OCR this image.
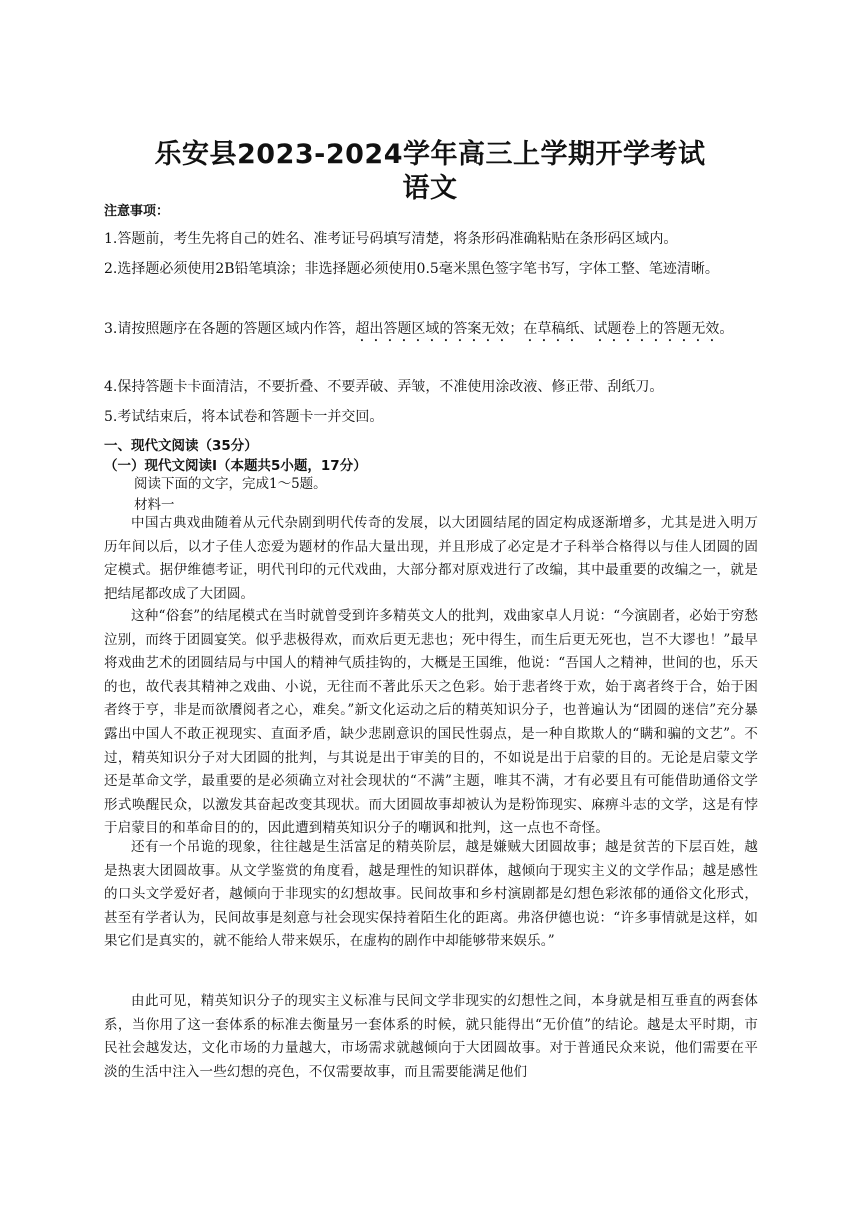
乐安县2023-2024学年高三上学期开学考试
语文
注意事项：
1.答题前，考生先将自己的姓名、准考证号码填写清楚，将条形码准确粘贴在条形码区域内。
2.选择题必须使用2B铅笔填涂；非选择题必须使用0.5毫米黑色签字笔书写，字体工整、笔迹清晰。
3.请按照题序在各题的答题区域内作答，超出答题区域的答案无效；在草稿纸、试题卷上的答题无效。
4.保持答题卡卡面清洁，不要折叠、不要弄破、弄皱，不准使用涂改液、修正带、刮纸刀。
5.考试结束后，将本试卷和答题卡一并交回。
一、现代文阅读（35分）
（一）现代文阅读Ⅰ（本题共5小题，17分）
阅读下面的文字，完成1～5题。
材料一
中国古典戏曲随着从元代杂剧到明代传奇的发展，以大团圆结尾的固定构成逐渐增多，尤其是进入明万历年间以后，以才子佳人恋爱为题材的作品大量出现，并且形成了必定是才子科举合格得以与佳人团圆的固定模式。据伊维德考证，明代刊印的元代戏曲，大部分都对原戏进行了改编，其中最重要的改编之一，就是把结尾都改成了大团圆。
这种“俗套”的结尾模式在当时就曾受到许多精英文人的批判，戏曲家卓人月说：“今演剧者，必始于穷愁泣别，而终于团圆宴笑。似乎悲极得欢，而欢后更无悲也；死中得生，而生后更无死也，岂不大谬也！”最早将戏曲艺术的团圆结局与中国人的精神气质挂钩的，大概是王国维，他说：“吾国人之精神，世间的也，乐天的也，故代表其精神之戏曲、小说，无往而不著此乐天之色彩。始于悲者终于欢，始于离者终于合，始于困者终于亨，非是而欲餍阅者之心，难矣。”新文化运动之后的精英知识分子，也普遍认为“团圆的迷信”充分暴露出中国人不敢正视现实、直面矛盾，缺少悲剧意识的国民性弱点，是一种自欺欺人的“瞒和骗的文艺”。不过，精英知识分子对大团圆的批判，与其说是出于审美的目的，不如说是出于启蒙的目的。无论是启蒙文学还是革命文学，最重要的是必须确立对社会现状的“不满”主题，唯其不满，才有必要且有可能借助通俗文学形式唤醒民众，以激发其奋起改变其现状。而大团圆故事却被认为是粉饰现实、麻痹斗志的文学，这是有悖于启蒙目的和革命目的的，因此遭到精英知识分子的嘲讽和批判，这一点也不奇怪。
还有一个吊诡的现象，往往越是生活富足的精英阶层，越是嫌贼大团圆故事；越是贫苦的下层百姓，越是热衷大团圆故事。从文学鉴赏的角度看，越是理性的知识群体，越倾向于现实主义的文学作品；越是感性的口头文学爱好者，越倾向于非现实的幻想故事。民间故事和乡村演剧都是幻想色彩浓郁的通俗文化形式，甚至有学者认为，民间故事是刻意与社会现实保持着陌生化的距离。弗洛伊德也说：“许多事情就是这样，如果它们是真实的，就不能给人带来娱乐，在虚构的剧作中却能够带来娱乐。”
由此可见，精英知识分子的现实主义标准与民间文学非现实的幻想性之间，本身就是相互垂直的两套体系，当你用了这一套体系的标准去衡量另一套体系的时候，就只能得出“无价值”的结论。越是太平时期，市民社会越发达，文化市场的力量越大，市场需求就越倾向于大团圆故事。对于普通民众来说，他们需要在平淡的生活中注入一些幻想的亮色，不仅需要故事，而且需要能满足他们
